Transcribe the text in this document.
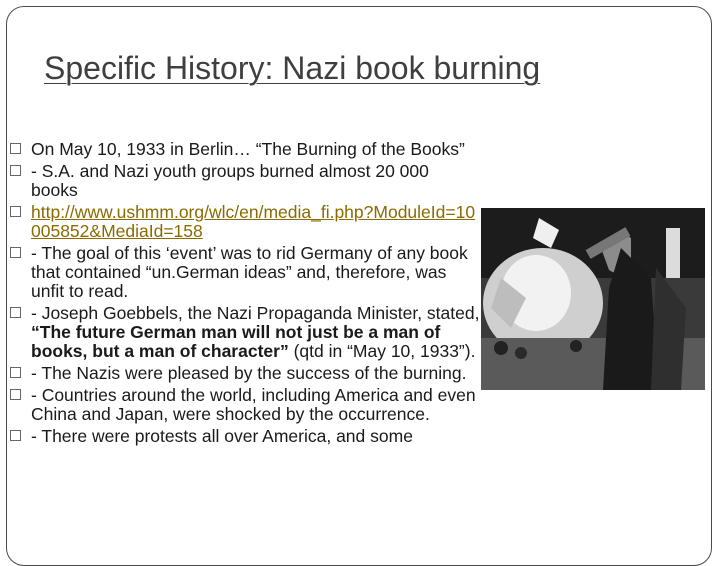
Specific History: Nazi book burning
On May 10, 1933 in Berlin… “The Burning of the Books”
- S.A. and Nazi youth groups burned almost 20 000 books
http://www.ushmm.org/wlc/en/media_fi.php?ModuleId=10005852&MediaId=158
- The goal of this ‘event’ was to rid Germany of any book that contained “un.German ideas” and, therefore, was unfit to read.
- Joseph Goebbels, the Nazi Propaganda Minister, stated, “The future German man will not just be a man of books, but a man of character” (qtd in “May 10, 1933”).
- The Nazis were pleased by the success of the burning.
- Countries around the world, including America and even China and Japan, were shocked by the occurrence.
- There were protests all over America, and some
